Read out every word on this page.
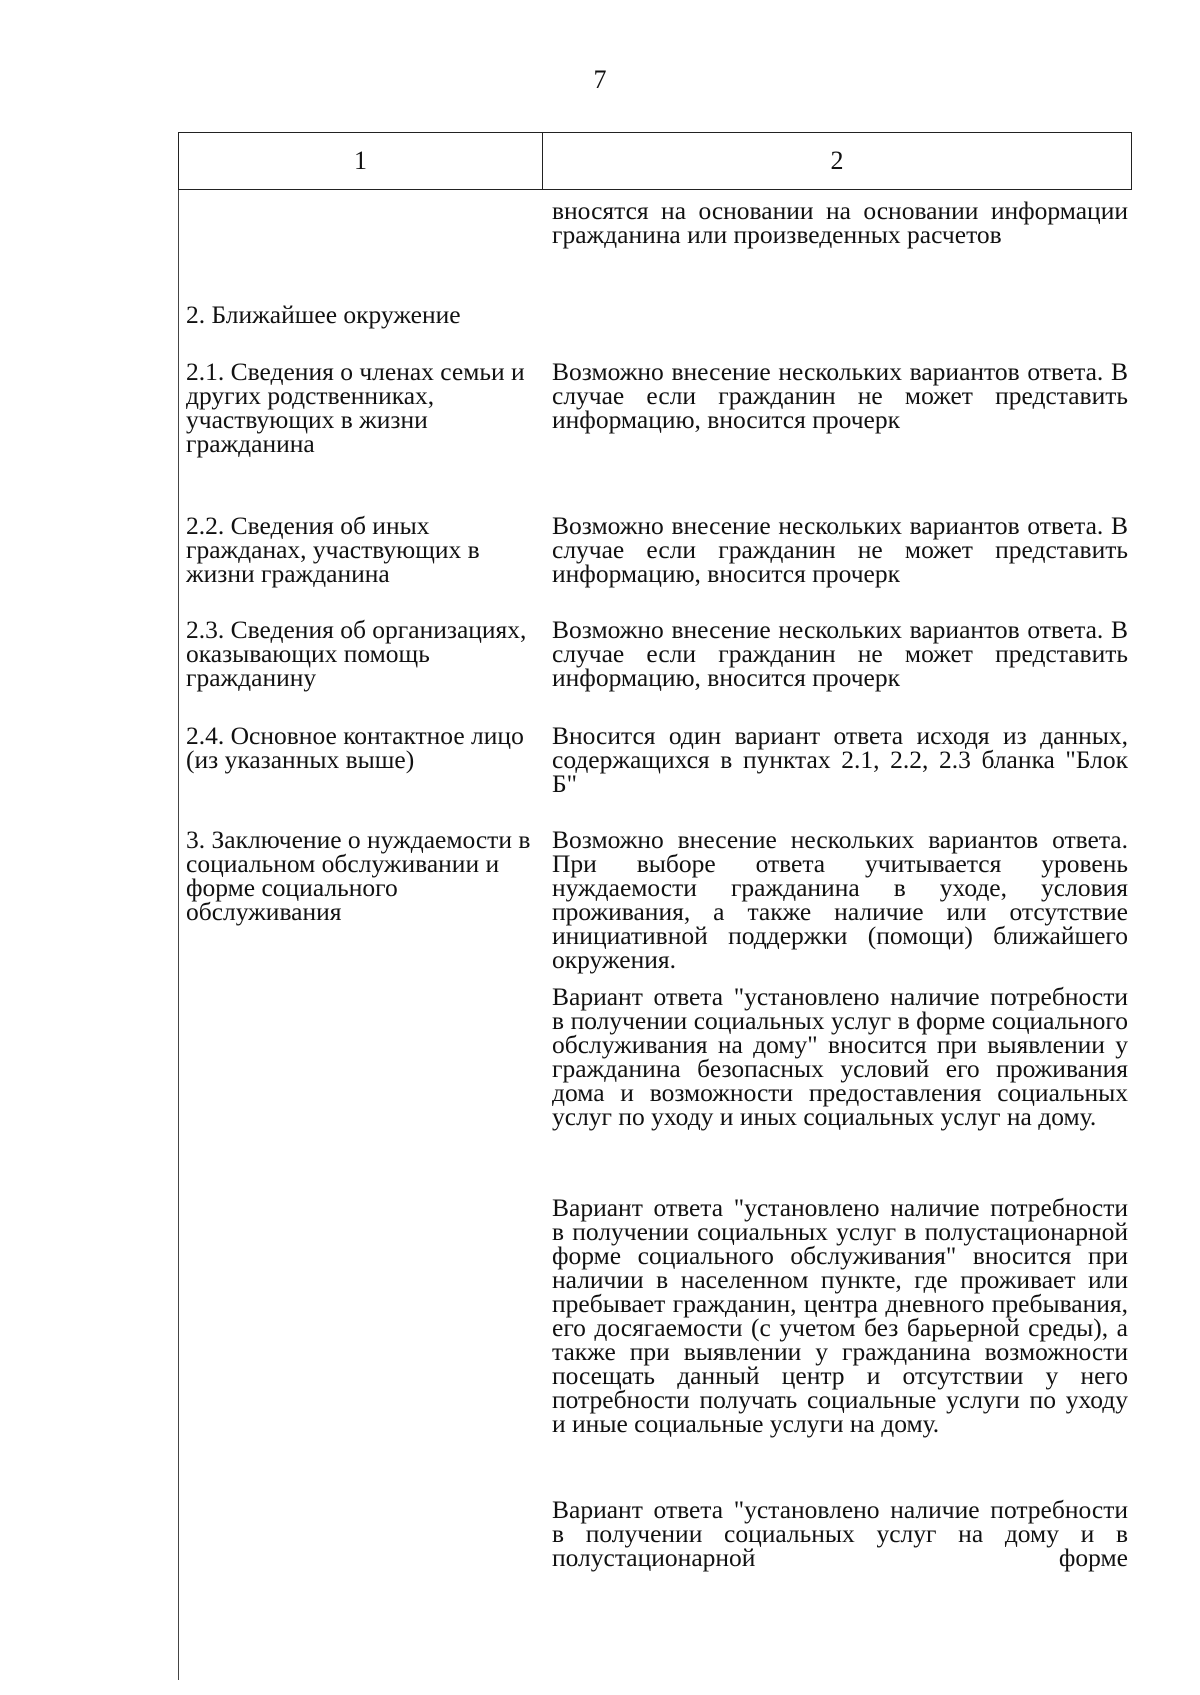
7
1	2
вносятся на основании на основании информации гражданина или произведенных расчетов
2. Ближайшее окружение
2.1. Сведения о членах семьи и других родственниках, участвующих в жизни гражданина
Возможно внесение нескольких вариантов ответа. В случае если гражданин не может представить информацию, вносится прочерк
2.2. Сведения об иных гражданах, участвующих в жизни гражданина
Возможно внесение нескольких вариантов ответа. В случае если гражданин не может представить информацию, вносится прочерк
2.3. Сведения об организациях, оказывающих помощь гражданину
Возможно внесение нескольких вариантов ответа. В случае если гражданин не может представить информацию, вносится прочерк
2.4. Основное контактное лицо (из указанных выше)
Вносится один вариант ответа исходя из данных, содержащихся в пунктах 2.1, 2.2, 2.3 бланка "Блок Б"
3. Заключение о нуждаемости в социальном обслуживании и форме социального обслуживания
Возможно внесение нескольких вариантов ответа. При выборе ответа учитывается уровень нуждаемости гражданина в уходе, условия проживания, а также наличие или отсутствие инициативной поддержки (помощи) ближайшего окружения.
Вариант ответа "установлено наличие потребности в получении социальных услуг в форме социального обслуживания на дому" вносится при выявлении у гражданина безопасных условий его проживания дома и возможности предоставления социальных услуг по уходу и иных социальных услуг на дому.
Вариант ответа "установлено наличие потребности в получении социальных услуг в полустационарной форме социального обслуживания" вносится при наличии в населенном пункте, где проживает или пребывает гражданин, центра дневного пребывания, его досягаемости (с учетом без барьерной среды), а также при выявлении у гражданина возможности посещать данный центр и отсутствии у него потребности получать социальные услуги по уходу и иные социальные услуги на дому.
Вариант ответа "установлено наличие потребности в получении социальных услуг на дому и в полустационарной форме
